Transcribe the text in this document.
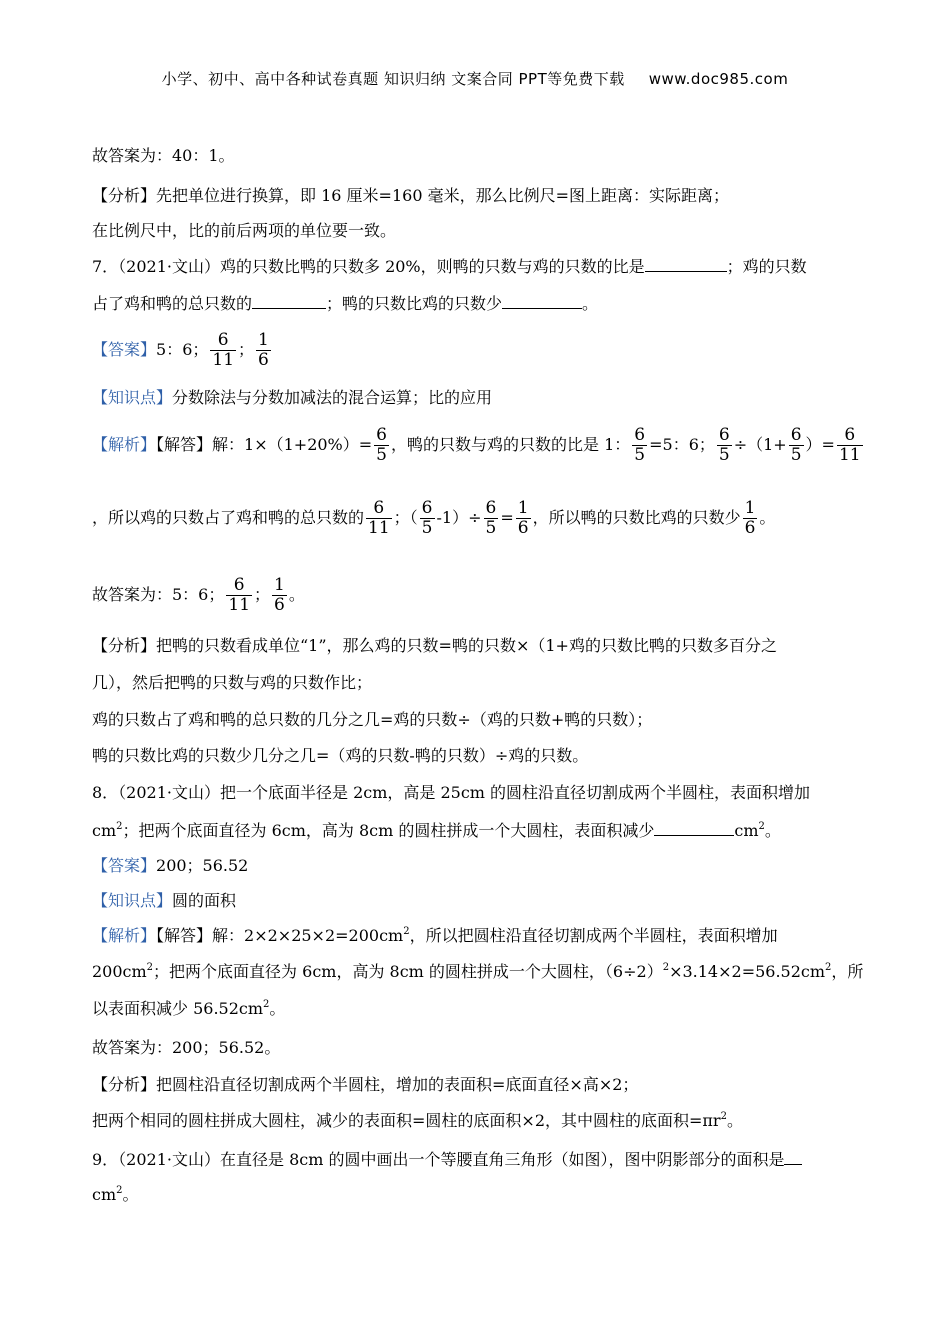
小学、初中、高中各种试卷真题 知识归纳 文案合同 PPT等免费下载 www.doc985.com
故答案为：40：1。
【分析】先把单位进行换算，即 16 厘米=160 毫米，那么比例尺=图上距离：实际距离；
在比例尺中，比的前后两项的单位要一致。
7．（2021·文山）鸡的只数比鸭的只数多 20%，则鸭的只数与鸡的只数的比是	；鸡的只数
占了鸡和鸭的总只数的	；鸭的只数比鸡的只数少	。
【答案】5：6； $\frac{6}{11}$ ； $\frac{1}{6}$
【知识点】分数除法与分数加减法的混合运算；比的应用
【解析】【解答】解：$1\times(1+20\%)= \frac{6}{5}$ ，鸭的只数与鸡的只数的比是 1： $\frac{6}{5} =5$：6； $\frac{6}{5} \div(1+ \frac{6}{5}$ ）= $\frac{6}{11}$
，所以鸡的只数占了鸡和鸭的总只数的 $\frac{6}{11}$ ；（ $\frac{6}{5} -1)\div \frac{6}{5} = \frac{1}{6}$ ，所以鸭的只数比鸡的只数少 $\frac{1}{6}$ 。
故答案为：5：6； $\frac{6}{11}$ ； $\frac{1}{6}$ 。
【分析】把鸭的只数看成单位“1”，那么鸡的只数=鸭的只数×（1+鸡的只数比鸭的只数多百分之
几），然后把鸭的只数与鸡的只数作比；
鸡的只数占了鸡和鸭的总只数的几分之几=鸡的只数÷（鸡的只数+鸭的只数）；
鸭的只数比鸡的只数少几分之几=（鸡的只数-鸭的只数）÷鸡的只数。
8．（2021·文山）把一个底面半径是 2cm，高是 25cm 的圆柱沿直径切割成两个半圆柱，表面积增加
$cm^2$；把两个底面直径为 6cm，高为 8cm 的圆柱拼成一个大圆柱，表面积减少	$cm^2$。
【答案】200；56.52
【知识点】圆的面积
【解析】【解答】解：$2\times 2\times 25\times 2=200cm^2$，所以把圆柱沿直径切割成两个半圆柱，表面积增加
$200cm^2$；把两个底面直径为 6cm，高为 8cm 的圆柱拼成一个大圆柱，$(6\div 2)^2\times 3.14\times 2=56.52cm^2$，所
以表面积减少 $56.52cm^2$。
故答案为：200；56.52。
【分析】把圆柱沿直径切割成两个半圆柱，增加的表面积=底面直径×高×2；
把两个相同的圆柱拼成大圆柱，减少的表面积=圆柱的底面积×2，其中圆柱的底面积$=\pi r^2$。
9．（2021·文山）在直径是 8cm 的圆中画出一个等腰直角三角形（如图），图中阴影部分的面积是
$cm^2$。
